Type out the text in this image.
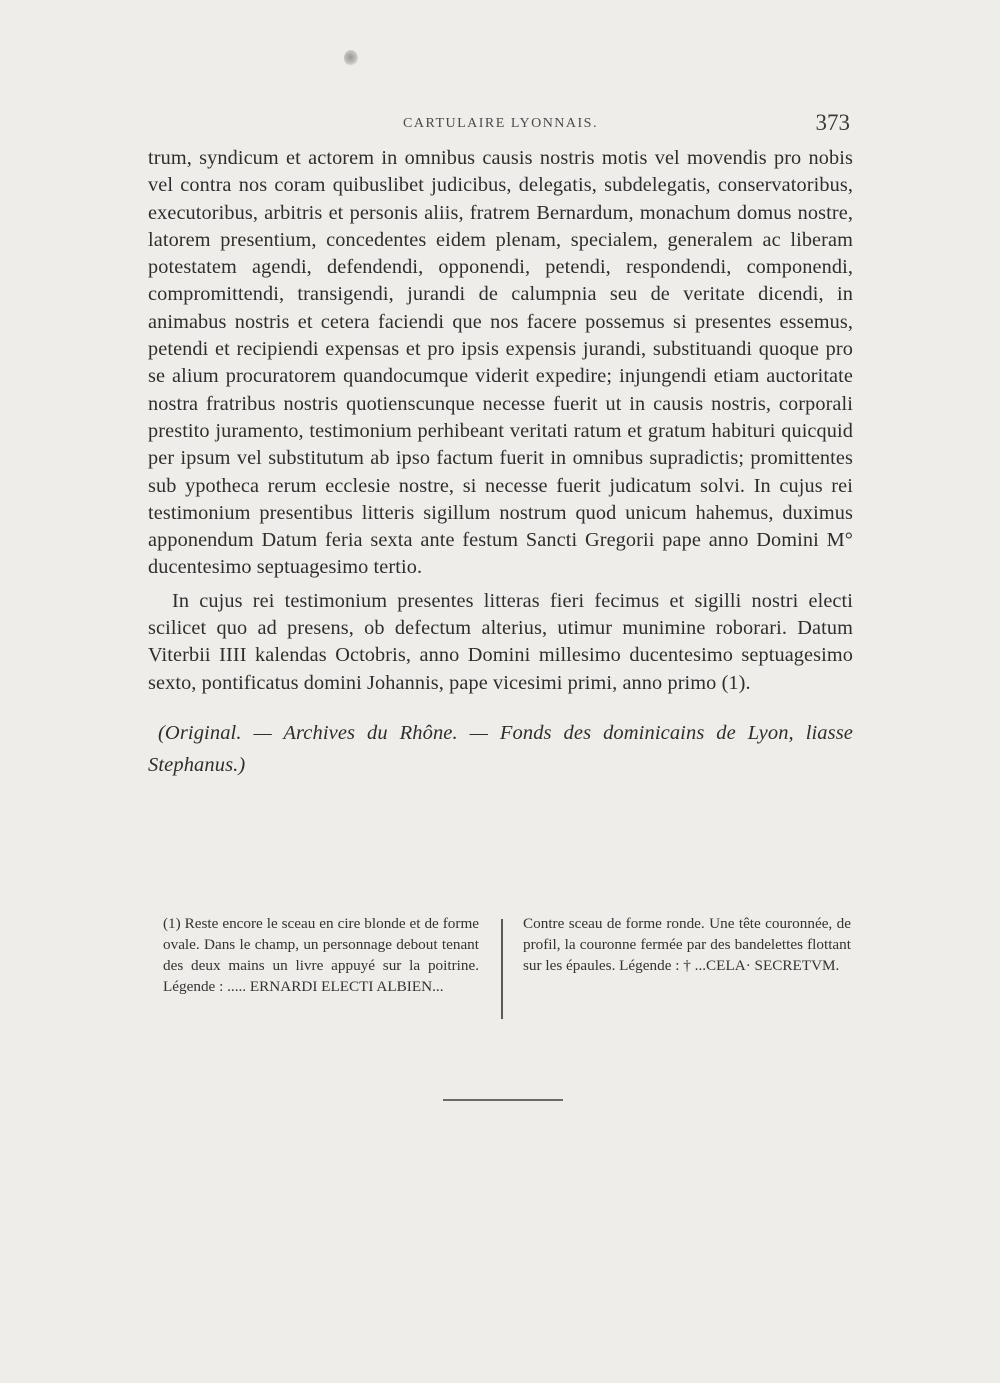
CARTULAIRE LYONNAIS.	373

trum, syndicum et actorem in omnibus causis nostris motis vel movendis pro nobis vel contra nos coram quibuslibet judicibus, delegatis, subdelegatis, conservatoribus, executoribus, arbitris et personis aliis, fratrem Bernardum, monachum domus nostre, latorem presentium, concedentes eidem plenam, specialem, generalem ac liberam potestatem agendi, defendendi, opponendi, petendi, respondendi, componendi, compromittendi, transigendi, jurandi de calumpnia seu de veritate dicendi, in animabus nostris et cetera faciendi que nos facere possemus si presentes essemus, petendi et recipiendi expensas et pro ipsis expensis jurandi, substituandi quoque pro se alium procuratorem quandocumque viderit expedire; injungendi etiam auctoritate nostra fratribus nostris quotienscunque necesse fuerit ut in causis nostris, corporali prestito juramento, testimonium perhibeant veritati ratum et gratum habituri quicquid per ipsum vel substitutum ab ipso factum fuerit in omnibus supradictis; promittentes sub ypotheca rerum ecclesie nostre, si necesse fuerit judicatum solvi. In cujus rei testimonium presentibus litteris sigillum nostrum quod unicum hahemus, duximus apponendum Datum feria sexta ante festum Sancti Gregorii pape anno Domini M° ducentesimo septuagesimo tertio.

In cujus rei testimonium presentes litteras fieri fecimus et sigilli nostri electi scilicet quo ad presens, ob defectum alterius, utimur munimine roborari. Datum Viterbii IIII kalendas Octobris, anno Domini millesimo ducentesimo septuagesimo sexto, pontificatus domini Johannis, pape vicesimi primi, anno primo (1).

(Original. — Archives du Rhône. — Fonds des dominicains de Lyon, liasse Stephanus.)

(1) Reste encore le sceau en cire blonde et de forme ovale. Dans le champ, un personnage debout tenant des deux mains un livre appuyé sur la poitrine. Légende : ..... ERNARDI ELECTI ALBIEN...
Contre sceau de forme ronde. Une tête couronnée, de profil, la couronne fermée par des bandelettes flottant sur les épaules. Légende : † ...CELA· SECRETVM.
